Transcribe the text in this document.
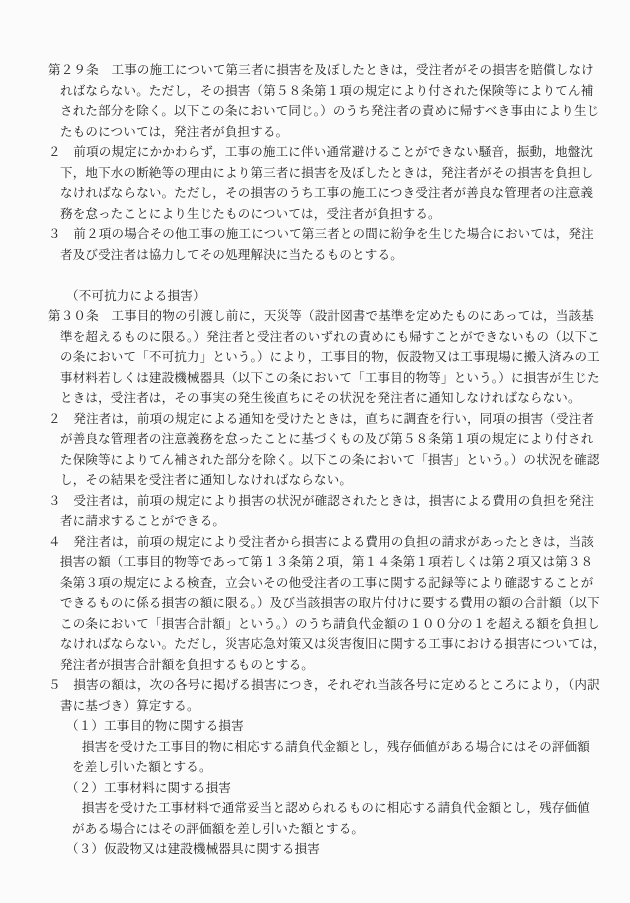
第２９条　工事の施工について第三者に損害を及ぼしたときは，受注者がその損害を賠償しなけ
ればならない。ただし，その損害（第５８条第１項の規定により付された保険等によりてん補
された部分を除く。以下この条において同じ。）のうち発注者の責めに帰すべき事由により生じ
たものについては，発注者が負担する。
２　前項の規定にかかわらず，工事の施工に伴い通常避けることができない騒音，振動，地盤沈
下，地下水の断絶等の理由により第三者に損害を及ぼしたときは，発注者がその損害を負担し
なければならない。ただし，その損害のうち工事の施工につき受注者が善良な管理者の注意義
務を怠ったことにより生じたものについては，受注者が負担する。
３　前２項の場合その他工事の施工について第三者との間に紛争を生じた場合においては，発注
者及び受注者は協力してその処理解決に当たるものとする。
（不可抗力による損害）
第３０条　工事目的物の引渡し前に，天災等（設計図書で基準を定めたものにあっては，当該基
準を超えるものに限る。）発注者と受注者のいずれの責めにも帰すことができないもの（以下こ
の条において「不可抗力」という。）により，工事目的物，仮設物又は工事現場に搬入済みの工
事材料若しくは建設機械器具（以下この条において「工事目的物等」という。）に損害が生じた
ときは，受注者は，その事実の発生後直ちにその状況を発注者に通知しなければならない。
２　発注者は，前項の規定による通知を受けたときは，直ちに調査を行い，同項の損害（受注者
が善良な管理者の注意義務を怠ったことに基づくもの及び第５８条第１項の規定により付され
た保険等によりてん補された部分を除く。以下この条において「損害」という。）の状況を確認
し，その結果を受注者に通知しなければならない。
３　受注者は，前項の規定により損害の状況が確認されたときは，損害による費用の負担を発注
者に請求することができる。
４　発注者は，前項の規定により受注者から損害による費用の負担の請求があったときは，当該
損害の額（工事目的物等であって第１３条第２項，第１４条第１項若しくは第２項又は第３８
条第３項の規定による検査，立会いその他受注者の工事に関する記録等により確認することが
できるものに係る損害の額に限る。）及び当該損害の取片付けに要する費用の額の合計額（以下
この条において「損害合計額」という。）のうち請負代金額の１００分の１を超える額を負担し
なければならない。ただし，災害応急対策又は災害復旧に関する工事における損害については，
発注者が損害合計額を負担するものとする。
５　損害の額は，次の各号に掲げる損害につき，それぞれ当該各号に定めるところにより，（内訳
書に基づき）算定する。
（１）工事目的物に関する損害
損害を受けた工事目的物に相応する請負代金額とし，残存価値がある場合にはその評価額
を差し引いた額とする。
（２）工事材料に関する損害
損害を受けた工事材料で通常妥当と認められるものに相応する請負代金額とし，残存価値
がある場合にはその評価額を差し引いた額とする。
（３）仮設物又は建設機械器具に関する損害
